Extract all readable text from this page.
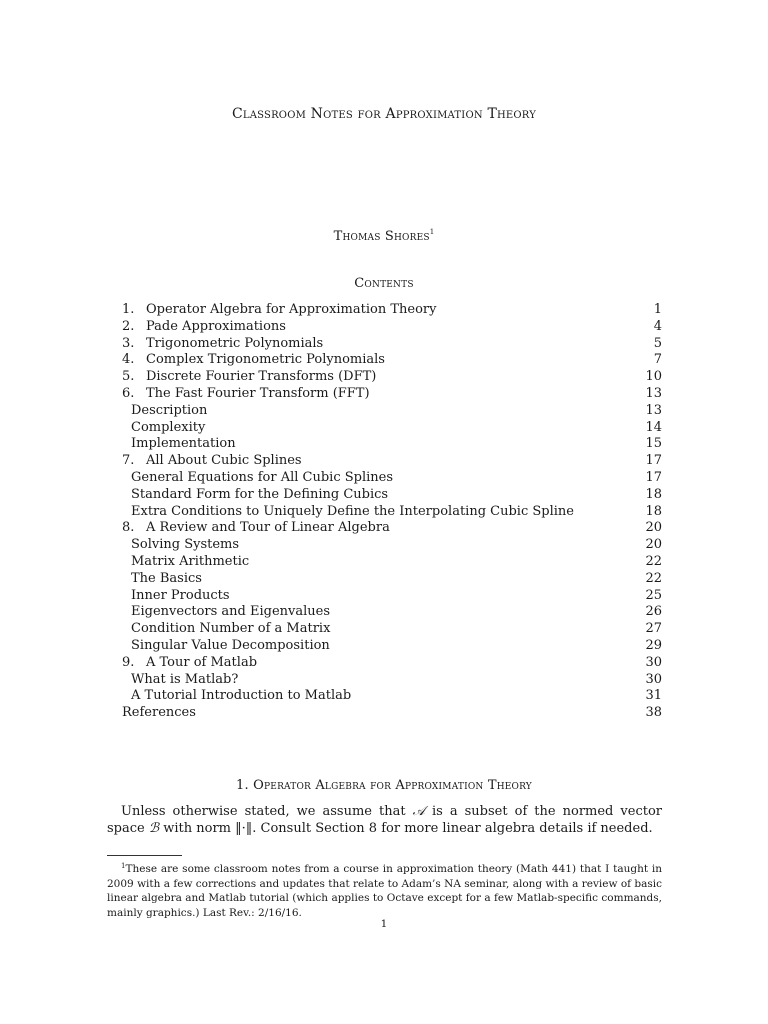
Classroom Notes for Approximation Theory
Thomas Shores$^1$
Contents
1. Operator Algebra for Approximation Theory	1
2. Pade Approximations	4
3. Trigonometric Polynomials	5
4. Complex Trigonometric Polynomials	7
5. Discrete Fourier Transforms (DFT)	10
6. The Fast Fourier Transform (FFT)	13
Description	13
Complexity	14
Implementation	15
7. All About Cubic Splines	17
General Equations for All Cubic Splines	17
Standard Form for the Defining Cubics	18
Extra Conditions to Uniquely Define the Interpolating Cubic Spline	18
8. A Review and Tour of Linear Algebra	20
Solving Systems	20
Matrix Arithmetic	22
The Basics	22
Inner Products	25
Eigenvectors and Eigenvalues	26
Condition Number of a Matrix	27
Singular Value Decomposition	29
9. A Tour of Matlab	30
What is Matlab?	30
A Tutorial Introduction to Matlab	31
References	38
1. Operator Algebra for Approximation Theory
Unless otherwise stated, we assume that 𝒜 is a subset of the normed vector space ℬ with norm ‖·‖. Consult Section 8 for more linear algebra details if needed.
$^1$These are some classroom notes from a course in approximation theory (Math 441) that I taught in 2009 with a few corrections and updates that relate to Adam’s NA seminar, along with a review of basic linear algebra and Matlab tutorial (which applies to Octave except for a few Matlab-specific commands, mainly graphics.) Last Rev.: 2/16/16.
1
